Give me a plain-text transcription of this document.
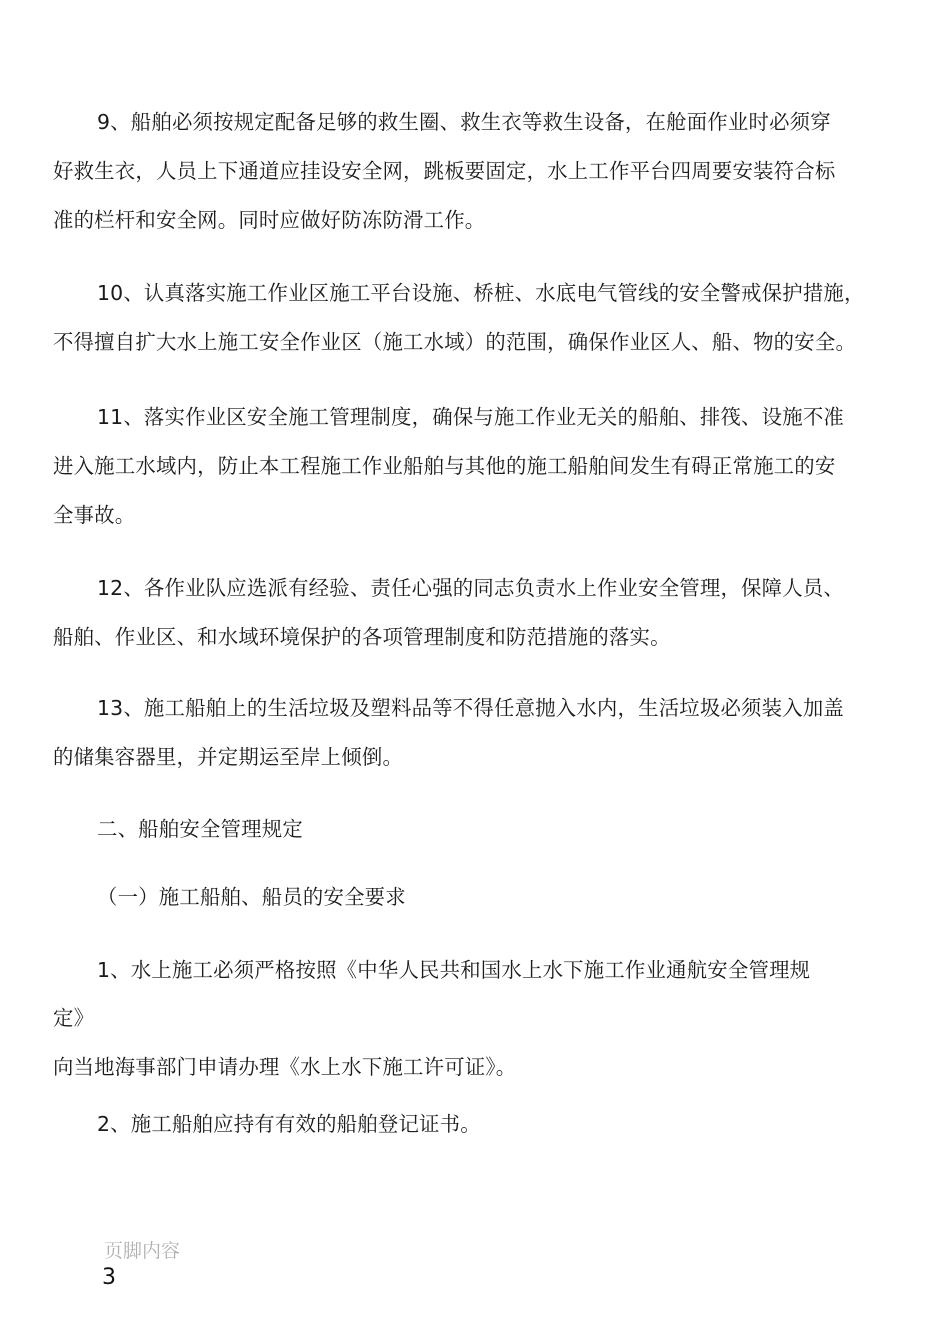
9、船舶必须按规定配备足够的救生圈、救生衣等救生设备，在舱面作业时必须穿
好救生衣，人员上下通道应挂设安全网，跳板要固定，水上工作平台四周要安装符合标
准的栏杆和安全网。同时应做好防冻防滑工作。
10、认真落实施工作业区施工平台设施、桥桩、水底电气管线的安全警戒保护措施，
不得擅自扩大水上施工安全作业区（施工水域）的范围，确保作业区人、船、物的安全。
11、落实作业区安全施工管理制度，确保与施工作业无关的船舶、排筏、设施不准
进入施工水域内，防止本工程施工作业船舶与其他的施工船舶间发生有碍正常施工的安
全事故。
12、各作业队应选派有经验、责任心强的同志负责水上作业安全管理，保障人员、
船舶、作业区、和水域环境保护的各项管理制度和防范措施的落实。
13、施工船舶上的生活垃圾及塑料品等不得任意抛入水内，生活垃圾必须装入加盖
的储集容器里，并定期运至岸上倾倒。
二、船舶安全管理规定
（一）施工船舶、船员的安全要求
1、水上施工必须严格按照《中华人民共和国水上水下施工作业通航安全管理规
定》
向当地海事部门申请办理《水上水下施工许可证》。
2、施工船舶应持有有效的船舶登记证书。
页脚内容
3
